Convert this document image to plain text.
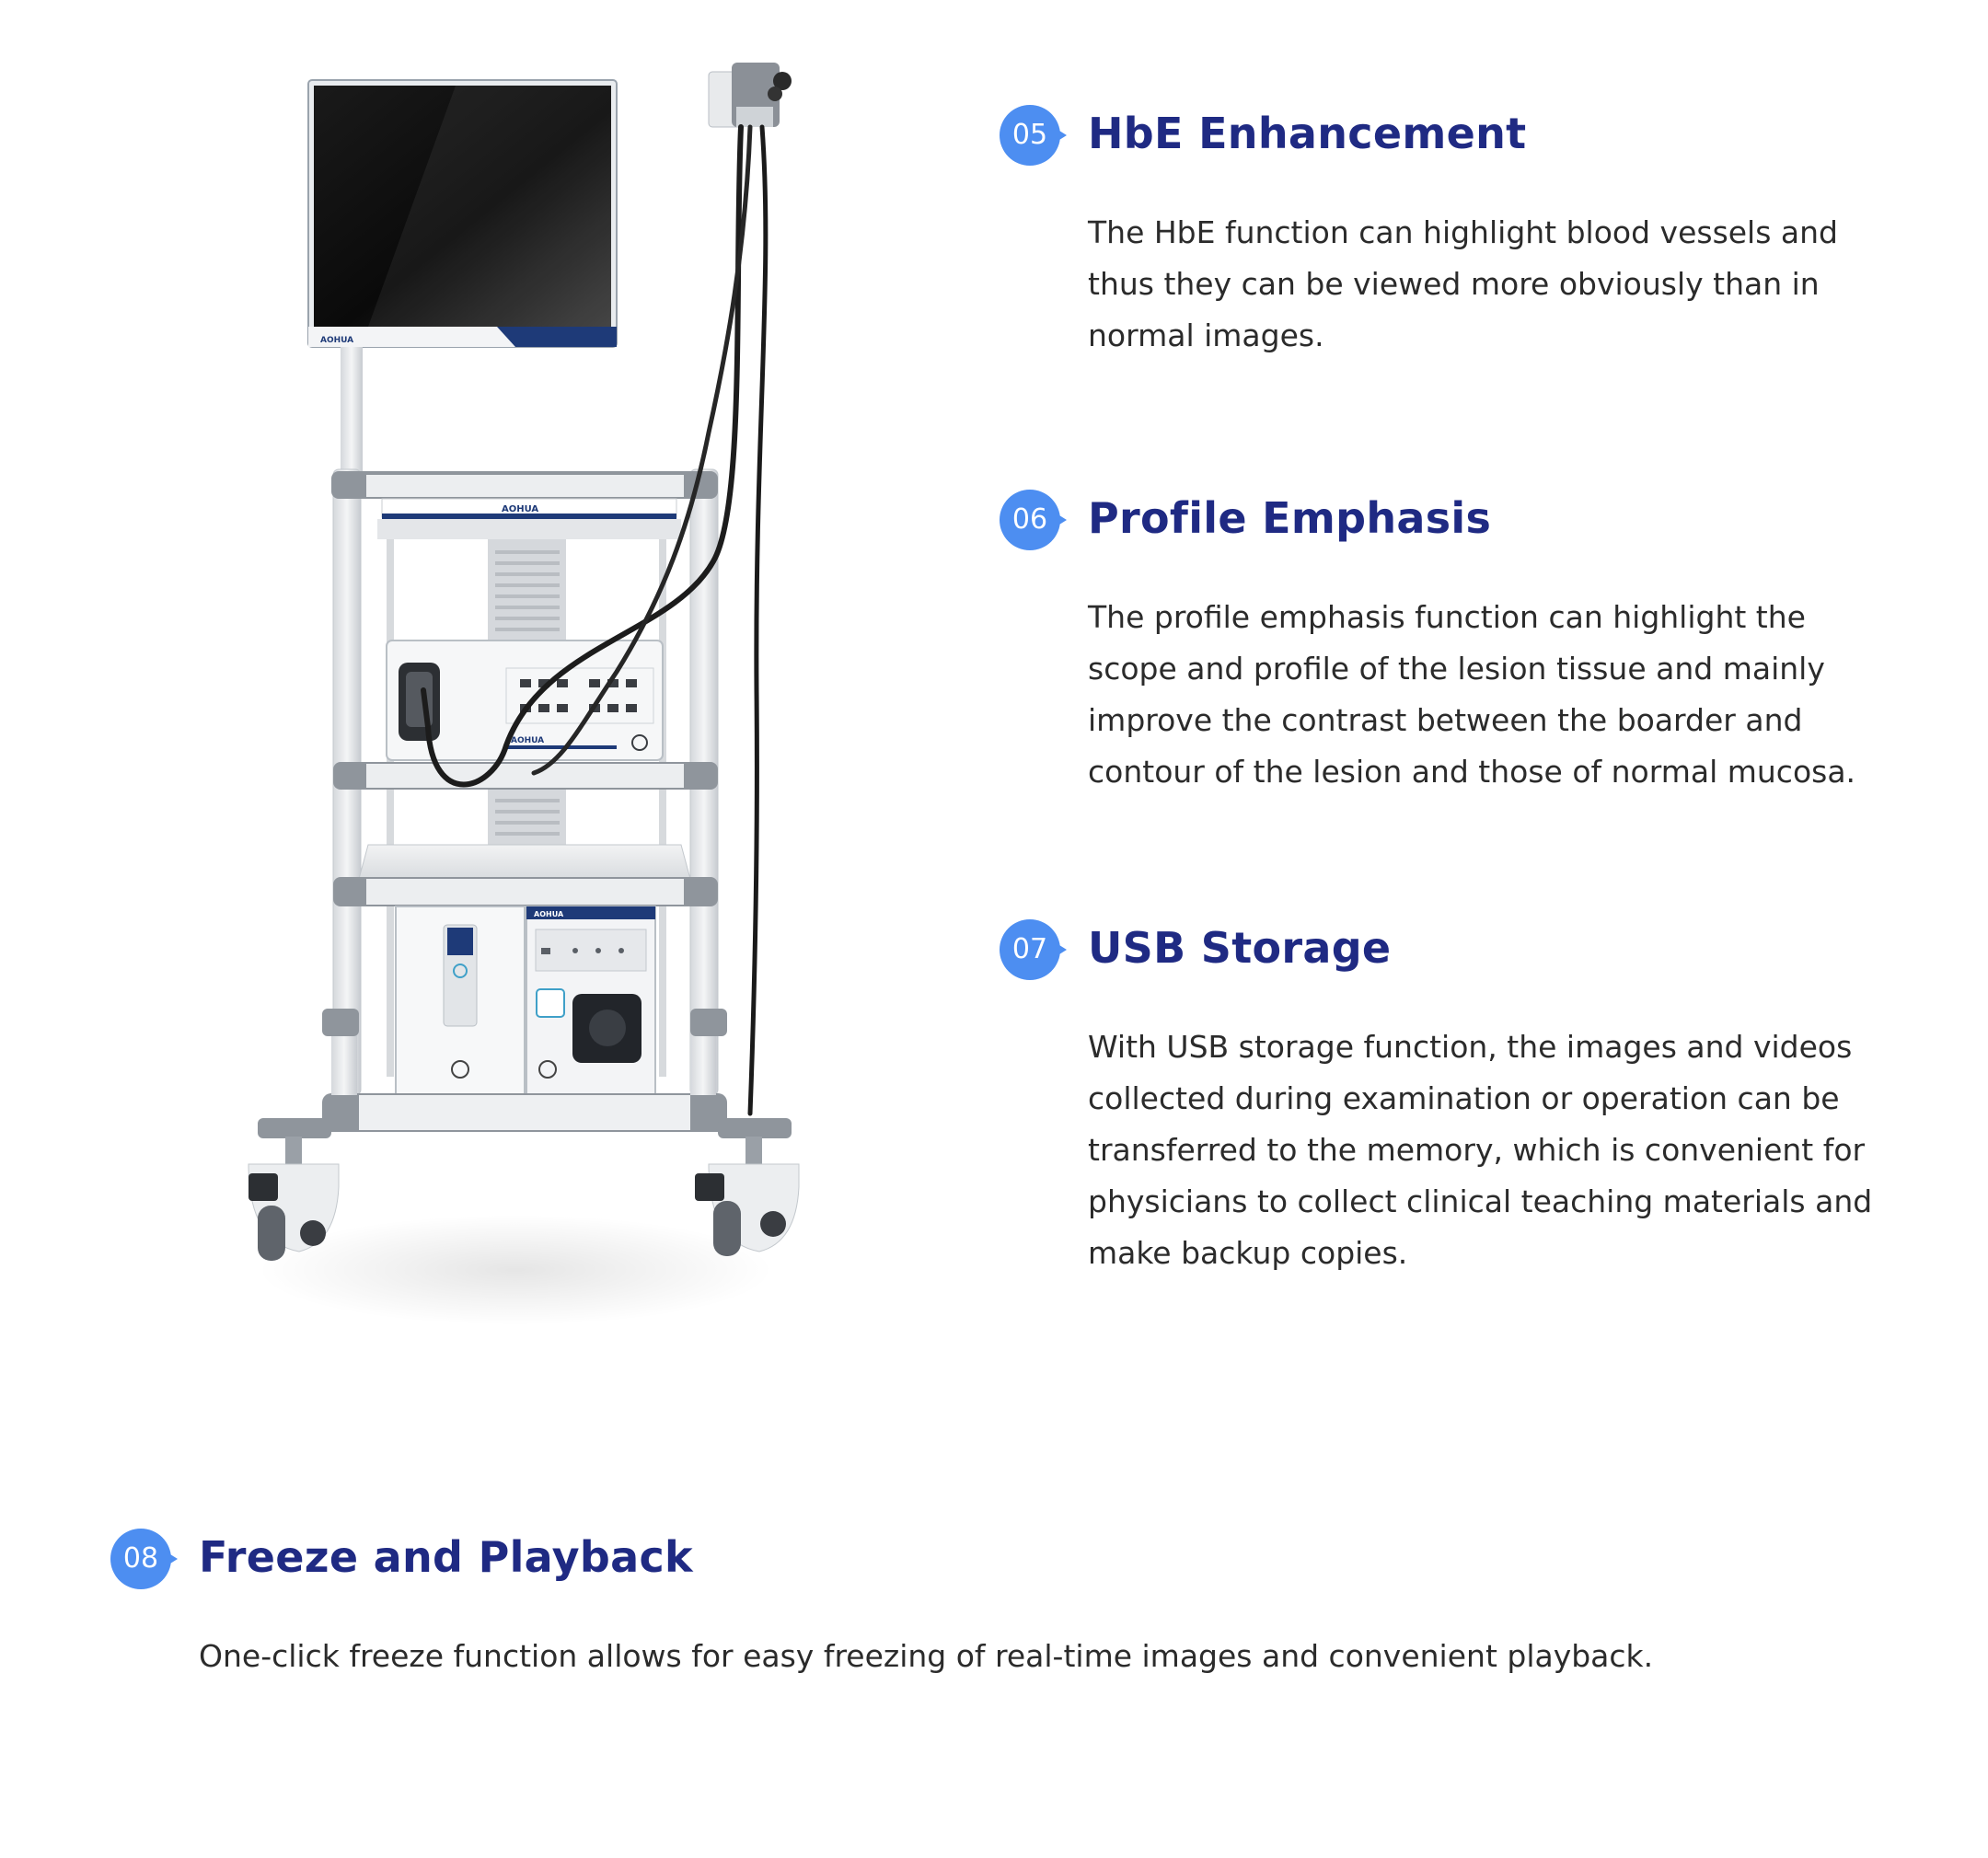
AOHUA
AOHUA
AOHUA
AOHUA
05 HbE Enhancement

The HbE function can highlight blood vessels and
thus they can be viewed more obviously than in
normal images.

06 Profile Emphasis

The profile emphasis function can highlight the
scope and profile of the lesion tissue and mainly
improve the contrast between the boarder and
contour of the lesion and those of normal mucosa.

07 USB Storage

With USB storage function, the images and videos
collected during examination or operation can be
transferred to the memory, which is convenient for
physicians to collect clinical teaching materials and
make backup copies.

08 Freeze and Playback

One-click freeze function allows for easy freezing of real-time images and convenient playback.
